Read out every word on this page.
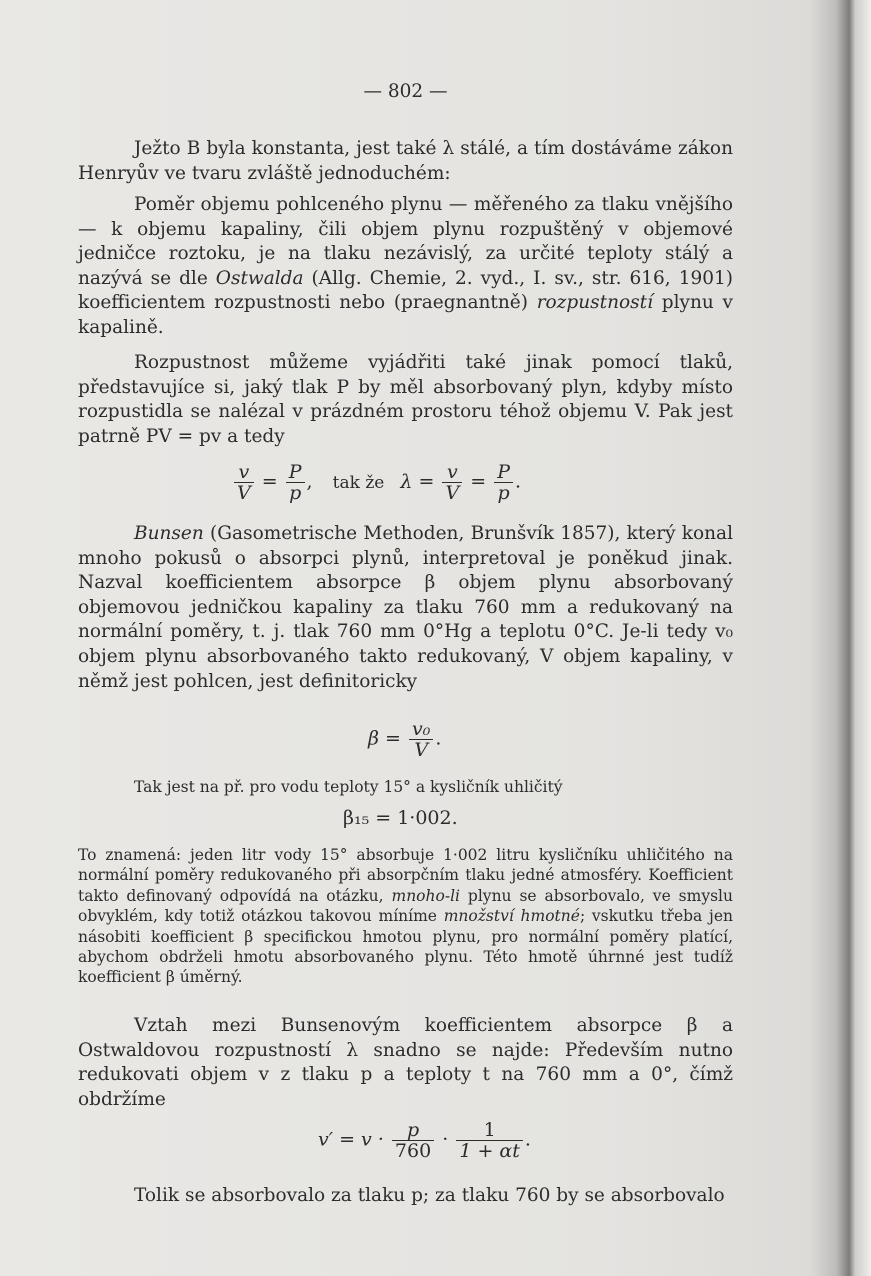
— 802 —

Ježto B byla konstanta, jest také λ stálé, a tím dostáváme zákon Henryův ve tvaru zvláště jednoduchém:

Poměr objemu pohlceného plynu — měřeného za tlaku vnějšího — k objemu kapaliny, čili objem plynu rozpuštěný v objemové jedničce roztoku, je na tlaku nezávislý, za určité teploty stálý a nazývá se dle Ostwalda (Allg. Chemie, 2. vyd., I. sv., str. 616, 1901) koefficientem rozpustnosti nebo (praegnantně) rozpustností plynu v kapalině.

Rozpustnost můžeme vyjádřiti také jinak pomocí tlaků, představujíce si, jaký tlak P by měl absorbovaný plyn, kdyby místo rozpustidla se nalézal v prázdném prostoru téhož objemu V. Pak jest patrně PV = pv a tedy

$\frac{v}{V} = \frac{P}{p}$ , tak že $\lambda = \frac{v}{V} = \frac{P}{p}$ .

Bunsen (Gasometrische Methoden, Brunšvík 1857), který konal mnoho pokusů o absorpci plynů, interpretoval je poněkud jinak. Nazval koefficientem absorpce β objem plynu absorbovaný objemovou jedničkou kapaliny za tlaku 760 mm a redukovaný na normální poměry, t. j. tlak 760 mm 0°Hg a teplotu 0°C. Je-li tedy v₀ objem plynu absorbovaného takto redukovaný, V objem kapaliny, v němž jest pohlcen, jest definitoricky

$\beta = \frac{\text{v₀}}{V}$ .

Tak jest na př. pro vodu teploty 15° a kysličník uhličitý

β₁₅ = 1·002.

To znamená: jeden litr vody 15° absorbuje 1·002 litru kysličníku uhličitého na normální poměry redukovaného při absorpčním tlaku jedné atmosféry. Koefficient takto definovaný odpovídá na otázku, mnoho-li plynu se absorbovalo, ve smyslu obvyklém, kdy totiž otázkou takovou míníme množství hmotné; vskutku třeba jen násobiti koefficient β specifickou hmotou plynu, pro normální poměry platící, abychom obdrželi hmotu absorbovaného plynu. Této hmotě úhrnné jest tudíž koefficient β úměrný.

Vztah mezi Bunsenovým koefficientem absorpce β a Ostwaldovou rozpustností λ snadno se najde: Především nutno redukovati objem v z tlaku p a teploty t na 760 mm a 0°, čímž obdržíme

$v' = v \cdot \frac{p}{760} \cdot \frac{1}{1 + \alpha t}$ .

Tolik se absorbovalo za tlaku p; za tlaku 760 by se absorbovalo
